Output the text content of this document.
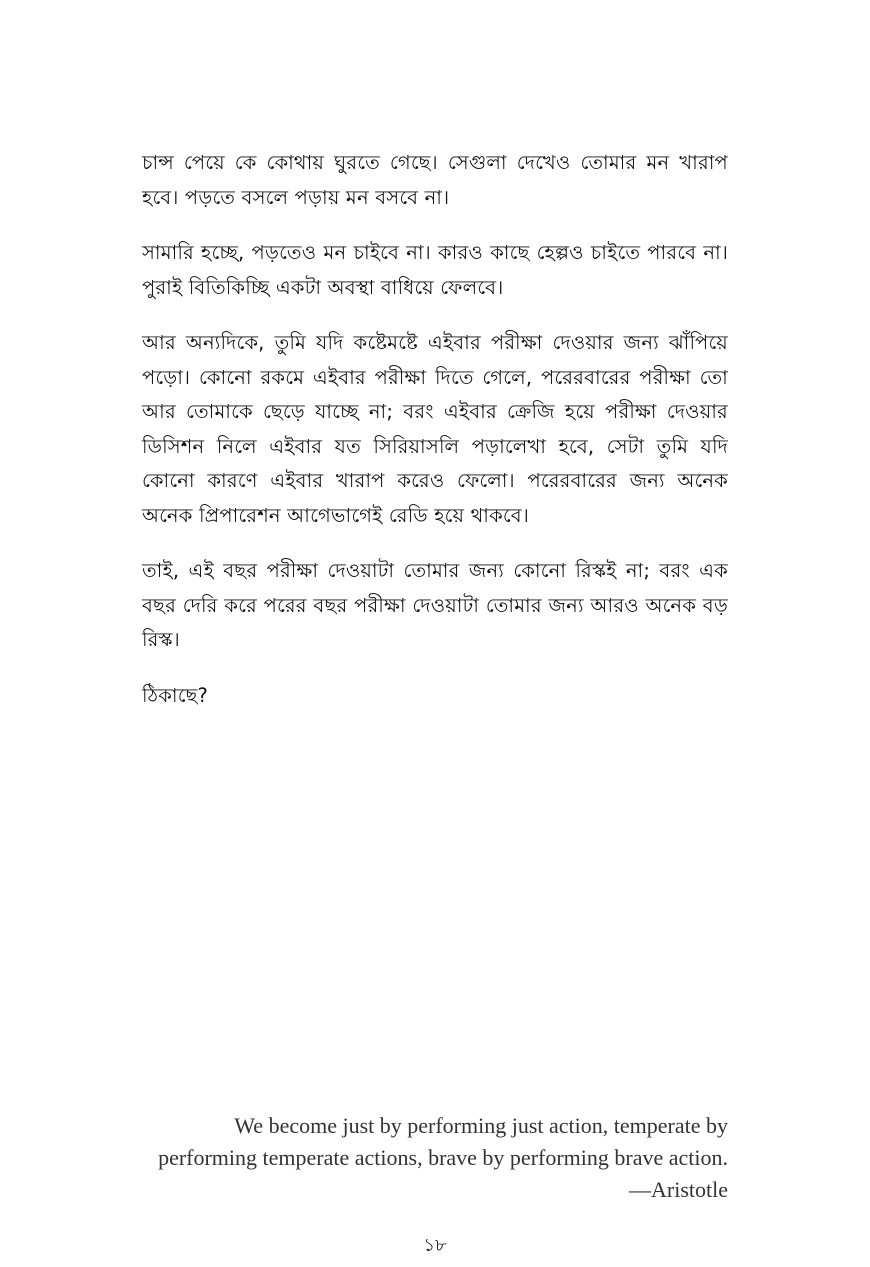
চান্স পেয়ে কে কোথায় ঘুরতে গেছে। সেগুলা দেখেও তোমার মন খারাপ হবে। পড়তে বসলে পড়ায় মন বসবে না।

সামারি হচ্ছে, পড়তেও মন চাইবে না। কারও কাছে হেল্পও চাইতে পারবে না। পুরাই বিতিকিচ্ছি একটা অবস্থা বাধিয়ে ফেলবে।

আর অন্যদিকে, তুমি যদি কষ্টেমষ্টে এইবার পরীক্ষা দেওয়ার জন্য ঝাঁপিয়ে পড়ো। কোনো রকমে এইবার পরীক্ষা দিতে গেলে, পরেরবারের পরীক্ষা তো আর তোমাকে ছেড়ে যাচ্ছে না; বরং এইবার ক্রেজি হয়ে পরীক্ষা দেওয়ার ডিসিশন নিলে এইবার যত সিরিয়াসলি পড়ালেখা হবে, সেটা তুমি যদি কোনো কারণে এইবার খারাপ করেও ফেলো। পরেরবারের জন্য অনেক অনেক প্রিপারেশন আগেভাগেই রেডি হয়ে থাকবে।

তাই, এই বছর পরীক্ষা দেওয়াটা তোমার জন্য কোনো রিস্কই না; বরং এক বছর দেরি করে পরের বছর পরীক্ষা দেওয়াটা তোমার জন্য আরও অনেক বড় রিস্ক।

ঠিকাছে?

We become just by performing just action, temperate by performing temperate actions, brave by performing brave action. —Aristotle
১৮
